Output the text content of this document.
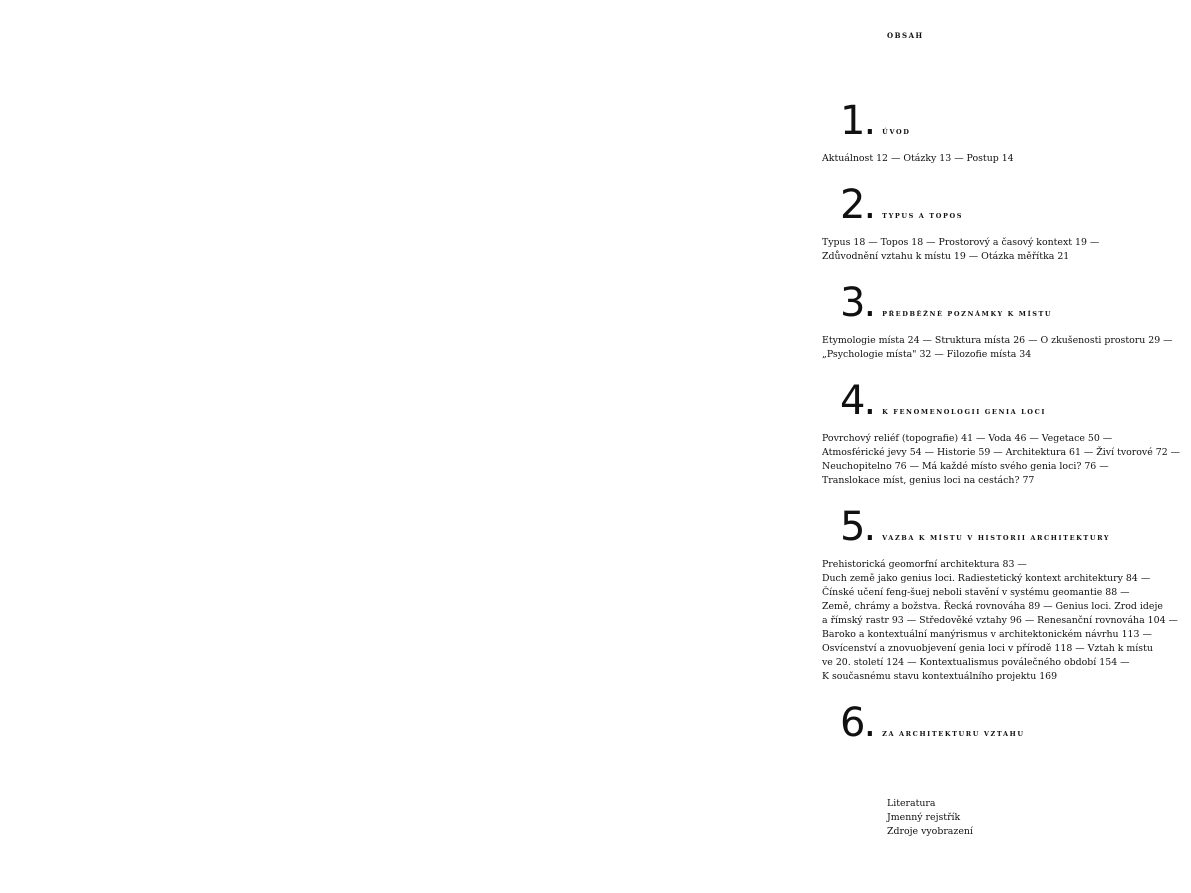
OBSAH
1
. ÚVOD
Aktuálnost 12 — Otázky 13 — Postup 14
2
. TYPUS A TOPOS
Typus 18 — Topos 18 — Prostorový a časový kontext 19 —
Zdůvodnění vztahu k místu 19 — Otázka měřítka 21
3
. PŘEDBĚŽNÉ POZNÁMKY K MÍSTU
Etymologie místa 24 — Struktura místa 26 — O zkušenosti prostoru 29 —
„Psychologie místa" 32 — Filozofie místa 34
4
. K FENOMENOLOGII GENIA LOCI
Povrchový reliéf (topografie) 41 — Voda 46 — Vegetace 50 —
Atmosférické jevy 54 — Historie 59 — Architektura 61 — Živí tvorové 72 —
Neuchopitelno 76 — Má každé místo svého genia loci? 76 —
Translokace míst, genius loci na cestách? 77
5
. VAZBA K MÍSTU V HISTORII ARCHITEKTURY
Prehistorická geomorfní architektura 83 —
Duch země jako genius loci. Radiestetický kontext architektury 84 —
Čínské učení feng-šuej neboli stavění v systému geomantie 88 —
Země, chrámy a božstva. Řecká rovnováha 89 — Genius loci. Zrod ideje
a římský rastr 93 — Středověké vztahy 96 — Renesanční rovnováha 104 —
Baroko a kontextuální manýrismus v architektonickém návrhu 113 —
Osvícenství a znovuobjevení genia loci v přírodě 118 — Vztah k místu
ve 20. století 124 — Kontextualismus poválečného období 154 —
K současnému stavu kontextuálního projektu 169
6
. ZA ARCHITEKTURU VZTAHU
Literatura
Jmenný rejstřík
Zdroje vyobrazení
